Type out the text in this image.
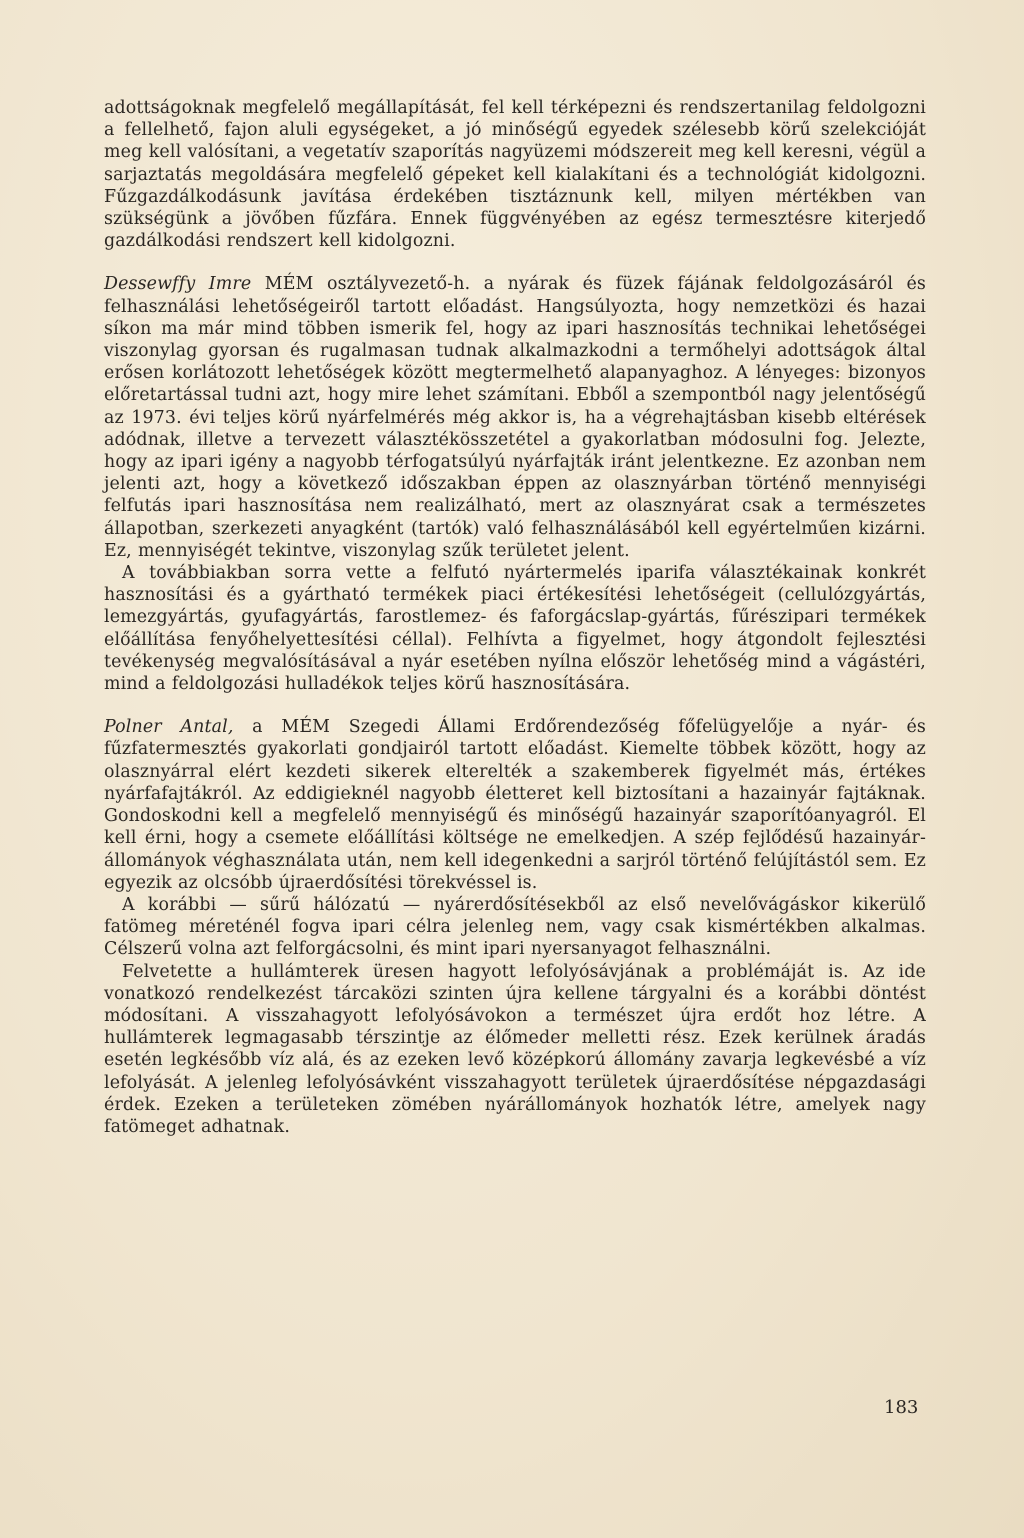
adottságoknak megfelelő megállapítását, fel kell térképezni és rendszertanilag feldolgozni a fellelhető, fajon aluli egységeket, a jó minőségű egyedek szélesebb körű szelekcióját meg kell valósítani, a vegetatív szaporítás nagyüzemi módszereit meg kell keresni, végül a sarjaztatás megoldására megfelelő gépeket kell kialakítani és a technológiát kidolgozni. Fűzgazdálkodásunk javítása érdekében tisztáznunk kell, milyen mértékben van szükségünk a jövőben fűzfára. Ennek függvényében az egész termesztésre kiterjedő gazdálkodási rendszert kell kidolgozni.

Dessewffy Imre MÉM osztályvezető-h. a nyárak és füzek fájának feldolgozásáról és felhasználási lehetőségeiről tartott előadást. Hangsúlyozta, hogy nemzetközi és hazai síkon ma már mind többen ismerik fel, hogy az ipari hasznosítás technikai lehetőségei viszonylag gyorsan és rugalmasan tudnak alkalmazkodni a termőhelyi adottságok által erősen korlátozott lehetőségek között megtermelhető alapanyaghoz. A lényeges: bizonyos előretartással tudni azt, hogy mire lehet számítani. Ebből a szempontból nagy jelentőségű az 1973. évi teljes körű nyárfelmérés még akkor is, ha a végrehajtásban kisebb eltérések adódnak, illetve a tervezett választékösszetétel a gyakorlatban módosulni fog. Jelezte, hogy az ipari igény a nagyobb térfogatsúlyú nyárfajták iránt jelentkezne. Ez azonban nem jelenti azt, hogy a következő időszakban éppen az olasznyárban történő mennyiségi felfutás ipari hasznosítása nem realizálható, mert az olasznyárat csak a természetes állapotban, szerkezeti anyagként (tartók) való felhasználásából kell egyértelműen kizárni. Ez, mennyiségét tekintve, viszonylag szűk területet jelent.

A továbbiakban sorra vette a felfutó nyártermelés iparifa választékainak konkrét hasznosítási és a gyártható termékek piaci értékesítési lehetőségeit (cellulózgyártás, lemezgyártás, gyufagyártás, farostlemez- és faforgácslap-gyártás, fűrészipari termékek előállítása fenyőhelyettesítési céllal). Felhívta a figyelmet, hogy átgondolt fejlesztési tevékenység megvalósításával a nyár esetében nyílna először lehetőség mind a vágástéri, mind a feldolgozási hulladékok teljes körű hasznosítására.

Polner Antal, a MÉM Szegedi Állami Erdőrendezőség főfelügyelője a nyár- és fűzfatermesztés gyakorlati gondjairól tartott előadást. Kiemelte többek között, hogy az olasznyárral elért kezdeti sikerek elterelték a szakemberek figyelmét más, értékes nyárfafajtákról. Az eddigieknél nagyobb életteret kell biztosítani a hazainyár fajtáknak. Gondoskodni kell a megfelelő mennyiségű és minőségű hazainyár szaporítóanyagról. El kell érni, hogy a csemete előállítási költsége ne emelkedjen. A szép fejlődésű hazainyár-állományok véghasználata után, nem kell idegenkedni a sarjról történő felújítástól sem. Ez egyezik az olcsóbb újraerdősítési törekvéssel is.

A korábbi — sűrű hálózatú — nyárerdősítésekből az első nevelővágáskor kikerülő fatömeg méreténél fogva ipari célra jelenleg nem, vagy csak kismértékben alkalmas. Célszerű volna azt felforgácsolni, és mint ipari nyersanyagot felhasználni.

Felvetette a hullámterek üresen hagyott lefolyósávjának a problémáját is. Az ide vonatkozó rendelkezést tárcaközi szinten újra kellene tárgyalni és a korábbi döntést módosítani. A visszahagyott lefolyósávokon a természet újra erdőt hoz létre. A hullámterek legmagasabb térszintje az élőmeder melletti rész. Ezek kerülnek áradás esetén legkésőbb víz alá, és az ezeken levő középkorú állomány zavarja legkevésbé a víz lefolyását. A jelenleg lefolyósávként visszahagyott területek újraerdősítése népgazdasági érdek. Ezeken a területeken zömében nyárállományok hozhatók létre, amelyek nagy fatömeget adhatnak.

183
